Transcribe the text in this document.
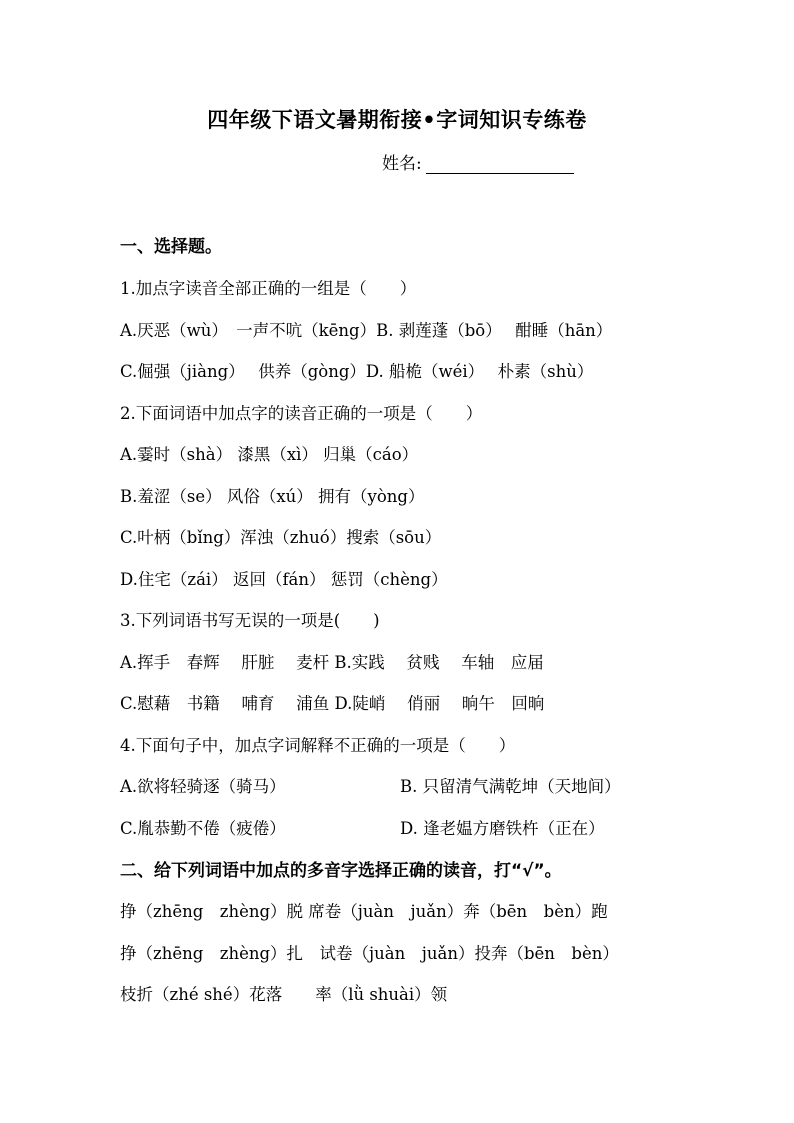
四年级下语文暑期衔接•字词知识专练卷
姓名:
一、选择题。
1.加点字读音全部正确的一组是（　　）
A.厌恶（wù）　一声不吭（kēng）B. 剥莲蓬（bō）　 酣睡（hān）
C.倔强（jiàng）　 供养（gòng）D. 船桅（wéi）　 朴素（shù）
2.下面词语中加点字的读音正确的一项是（　　）
A.霎时（shà） 漆黑（xì） 归巢（cáo）
B.羞涩（se） 风俗（xú） 拥有（yòng）
C.叶柄（bǐng）浑浊（zhuó）搜索（sōu）
D.住宅（zái） 返回（fán） 惩罚（chèng）
3.下列词语书写无误的一项是(　　)
A.挥手　春辉　 肝脏　 麦杆 B.实践　 贫贱　 车轴　应届
C.慰藉　书籍　 哺育　 浦鱼 D.陡峭　 俏丽　 晌午　回晌
4.下面句子中，加点字词解释不正确的一项是（　　）
A.欲将轻骑逐（骑马）	B. 只留清气满乾坤（天地间）
C.胤恭勤不倦（疲倦）	D. 逢老媪方磨铁杵（正在）
二、给下列词语中加点的多音字选择正确的读音，打“√”。
挣（zhēng　zhèng）脱 席卷（juàn　juǎn）奔（bēn　bèn）跑
挣（zhēng　zhèng）扎　试卷（juàn　juǎn）投奔（bēn　bèn）
枝折（zhé shé）花落　　率（lǜ shuài）领
